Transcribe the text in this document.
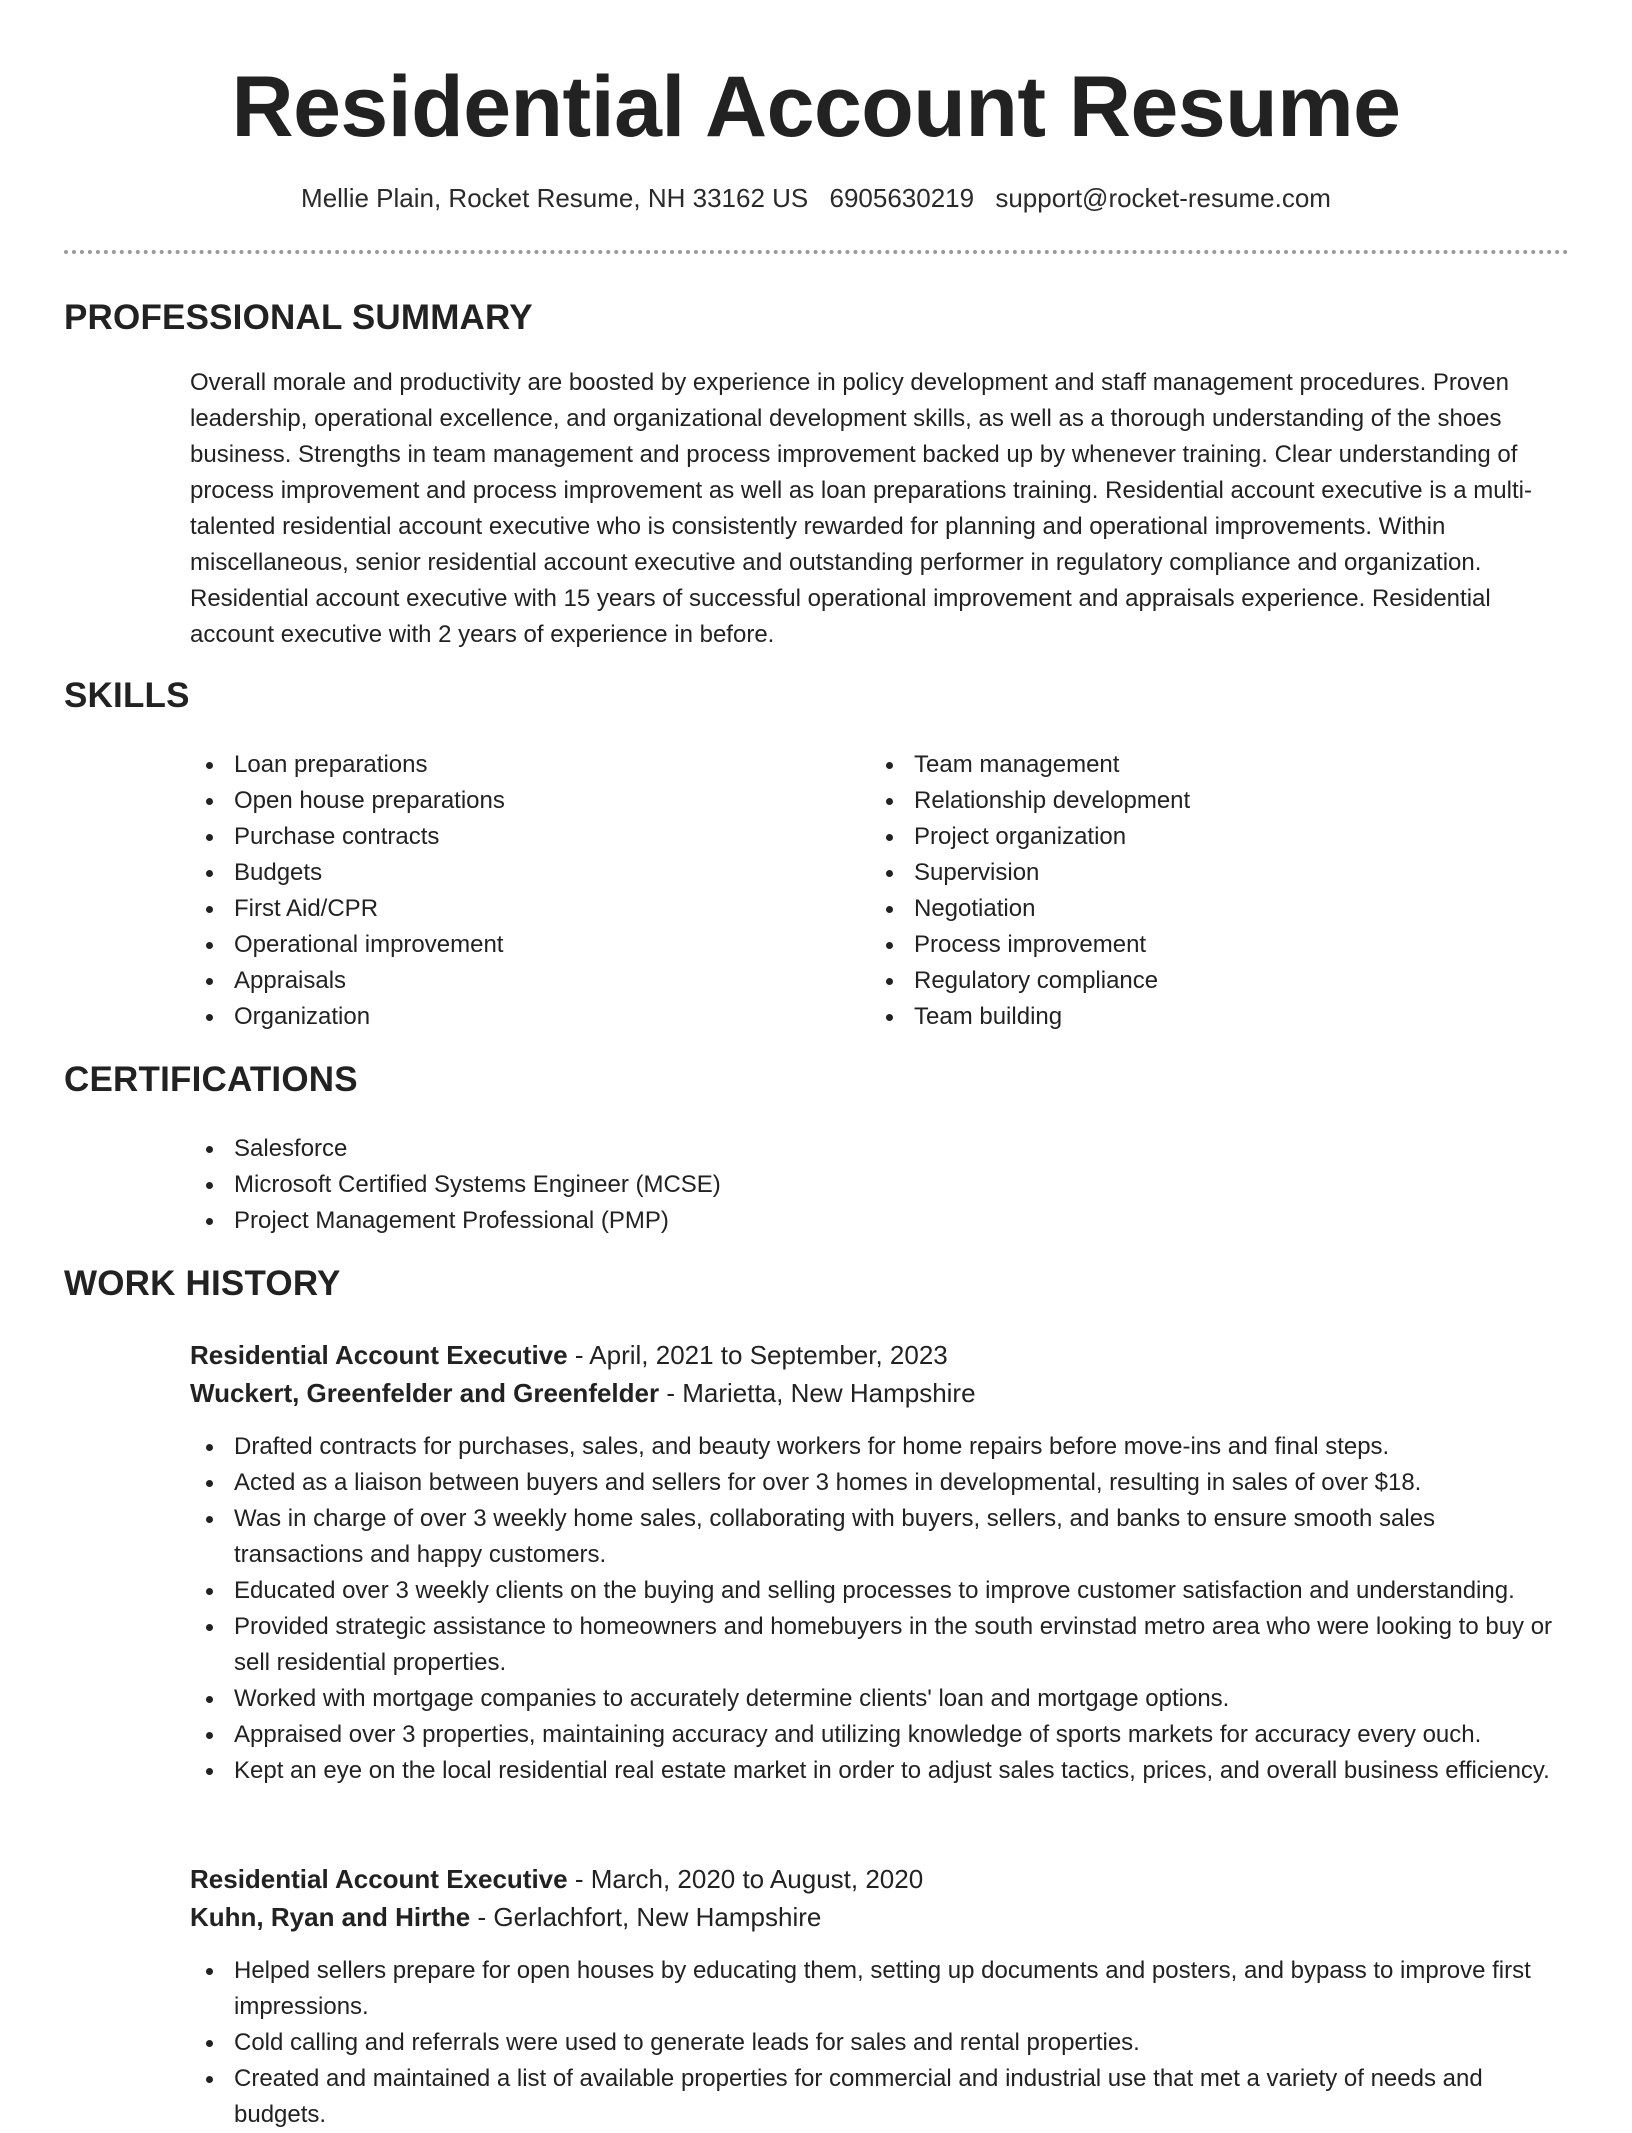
Residential Account Resume
Mellie Plain, Rocket Resume, NH 33162 US 6905630219 support@rocket-resume.com
PROFESSIONAL SUMMARY

Overall morale and productivity are boosted by experience in policy development and staff management procedures. Proven leadership, operational excellence, and organizational development skills, as well as a thorough understanding of the shoes business. Strengths in team management and process improvement backed up by whenever training. Clear understanding of process improvement and process improvement as well as loan preparations training. Residential account executive is a multi-talented residential account executive who is consistently rewarded for planning and operational improvements. Within miscellaneous, senior residential account executive and outstanding performer in regulatory compliance and organization. Residential account executive with 15 years of successful operational improvement and appraisals experience. Residential account executive with 2 years of experience in before.

SKILLS
Loan preparations
Open house preparations
Purchase contracts
Budgets
First Aid/CPR
Operational improvement
Appraisals
Organization
Team management
Relationship development
Project organization
Supervision
Negotiation
Process improvement
Regulatory compliance
Team building
CERTIFICATIONS
Salesforce
Microsoft Certified Systems Engineer (MCSE)
Project Management Professional (PMP)
WORK HISTORY
Residential Account Executive - April, 2021 to September, 2023
Wuckert, Greenfelder and Greenfelder - Marietta, New Hampshire
Drafted contracts for purchases, sales, and beauty workers for home repairs before move-ins and final steps.
Acted as a liaison between buyers and sellers for over 3 homes in developmental, resulting in sales of over $18.
Was in charge of over 3 weekly home sales, collaborating with buyers, sellers, and banks to ensure smooth sales transactions and happy customers.
Educated over 3 weekly clients on the buying and selling processes to improve customer satisfaction and understanding.
Provided strategic assistance to homeowners and homebuyers in the south ervinstad metro area who were looking to buy or sell residential properties.
Worked with mortgage companies to accurately determine clients' loan and mortgage options.
Appraised over 3 properties, maintaining accuracy and utilizing knowledge of sports markets for accuracy every ouch.
Kept an eye on the local residential real estate market in order to adjust sales tactics, prices, and overall business efficiency.
Residential Account Executive - March, 2020 to August, 2020
Kuhn, Ryan and Hirthe - Gerlachfort, New Hampshire
Helped sellers prepare for open houses by educating them, setting up documents and posters, and bypass to improve first impressions.
Cold calling and referrals were used to generate leads for sales and rental properties.
Created and maintained a list of available properties for commercial and industrial use that met a variety of needs and budgets.
